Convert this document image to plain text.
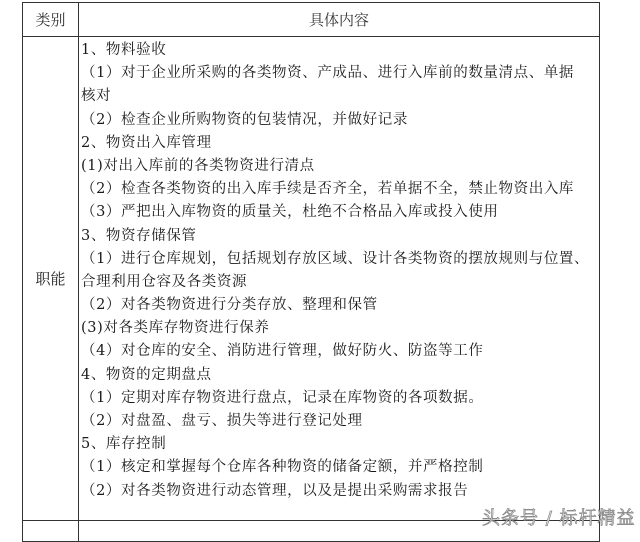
类别	具体内容
职能
1、物料验收
（1）对于企业所采购的各类物资、产成品、进行入库前的数量清点、单据
核对
（2）检查企业所购物资的包装情况，并做好记录
2、物资出入库管理
(1)对出入库前的各类物资进行清点
（2）检查各类物资的出入库手续是否齐全，若单据不全，禁止物资出入库
（3）严把出入库物资的质量关，杜绝不合格品入库或投入使用
3、物资存储保管
（1）进行仓库规划，包括规划存放区域、设计各类物资的摆放规则与位置、
合理利用仓容及各类资源
（2）对各类物资进行分类存放、整理和保管
(3)对各类库存物资进行保养
（4）对仓库的安全、消防进行管理，做好防火、防盗等工作
4、物资的定期盘点
（1）定期对库存物资进行盘点，记录在库物资的各项数据。
（2）对盘盈、盘亏、损失等进行登记处理
5、库存控制
（1）核定和掌握每个仓库各种物资的储备定额，并严格控制
（2）对各类物资进行动态管理，以及是提出采购需求报告
头条号 / 标杆精益
